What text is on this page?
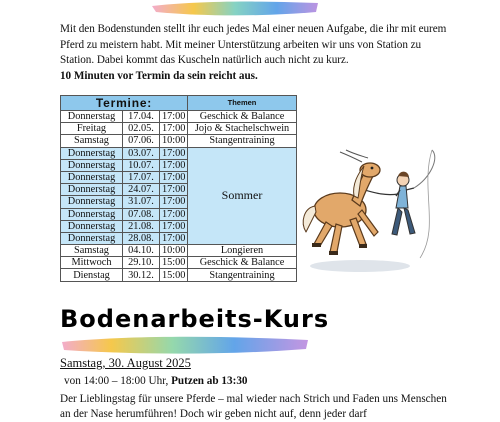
Mit den Bodenstunden stellt ihr euch jedes Mal einer neuen Aufgabe, die ihr mit eurem Pferd zu meistern habt. Mit meiner Unterstützung arbeiten wir uns von Station zu Station. Dabei kommt das Kuscheln natürlich auch nicht zu kurz.

10 Minuten vor Termin da sein reicht aus.

Termine:			Themen
Donnerstag	17.04.	17:00	Geschick & Balance
Freitag	02.05.	17:00	Jojo & Stachelschwein
Samstag	07.06.	10:00	Stangentraining
Donnerstag	03.07.	17:00	Sommer
Donnerstag	10.07.	17:00	
Donnerstag	17.07.	17:00	
Donnerstag	24.07.	17:00	
Donnerstag	31.07.	17:00	
Donnerstag	07.08.	17:00	
Donnerstag	21.08.	17:00	
Donnerstag	28.08.	17:00	
Samstag	04.10.	10:00	Longieren
Mittwoch	29.10.	15:00	Geschick & Balance
Dienstag	30.12.	15:00	Stangentraining
Bodenarbeits-Kurs
Samstag, 30. August 2025
von 14:00 – 18:00 Uhr, Putzen ab 13:30

Der Lieblingstag für unsere Pferde – mal wieder nach Strich und Faden uns Menschen an der Nase herumführen! Doch wir geben nicht auf, denn jeder darf
